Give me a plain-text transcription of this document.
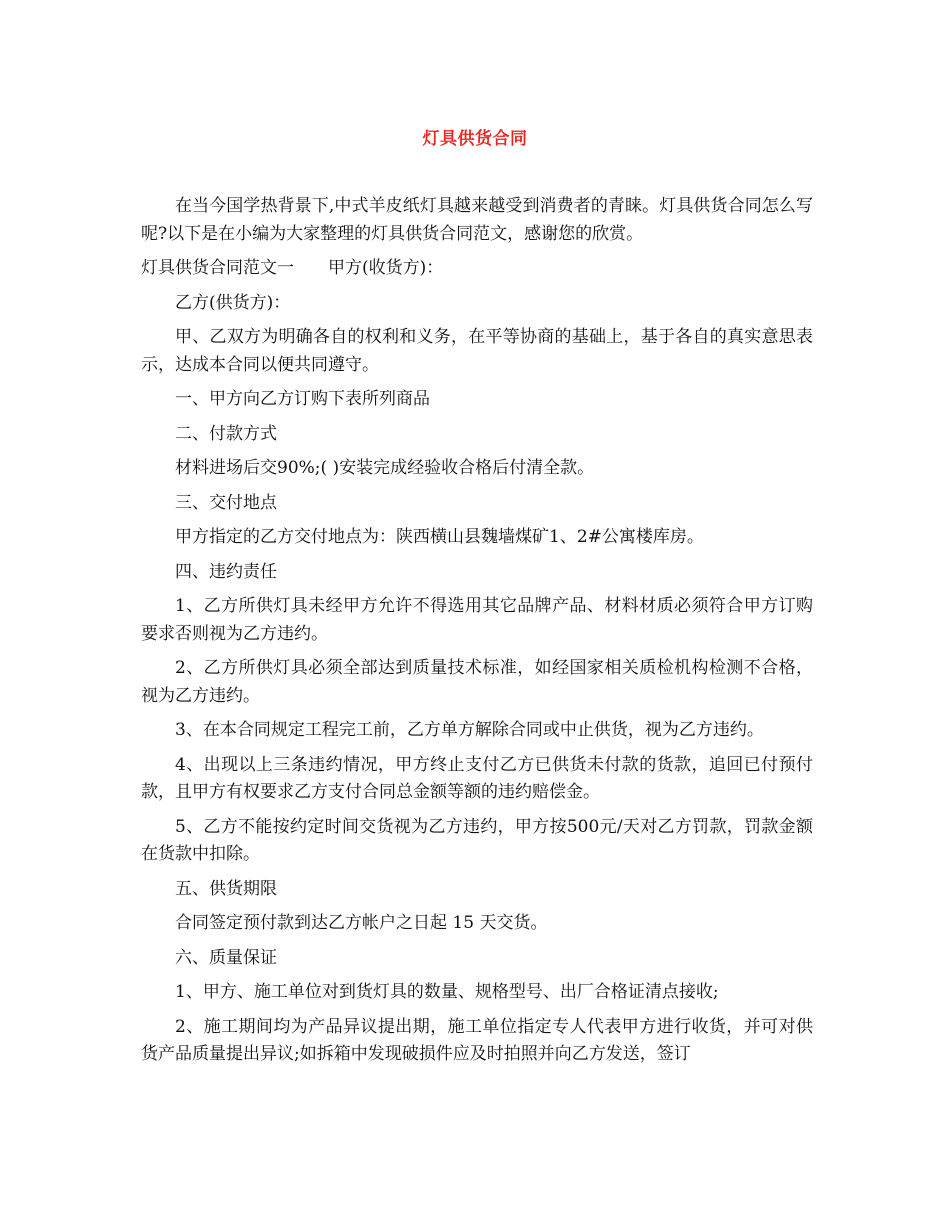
灯具供货合同

在当今国学热背景下,中式羊皮纸灯具越来越受到消费者的青睐。灯具供货合同怎么写呢?以下是在小编为大家整理的灯具供货合同范文，感谢您的欣赏。

灯具供货合同范文一 甲方(收货方)：

乙方(供货方)：

甲、乙双方为明确各自的权利和义务，在平等协商的基础上，基于各自的真实意思表示，达成本合同以便共同遵守。

一、甲方向乙方订购下表所列商品

二、付款方式

材料进场后交90%;( )安装完成经验收合格后付清全款。

三、交付地点

甲方指定的乙方交付地点为：陕西横山县魏墙煤矿1、2#公寓楼库房。

四、违约责任

1、乙方所供灯具未经甲方允许不得选用其它品牌产品、材料材质必须符合甲方订购要求否则视为乙方违约。

2、乙方所供灯具必须全部达到质量技术标准，如经国家相关质检机构检测不合格，视为乙方违约。

3、在本合同规定工程完工前，乙方单方解除合同或中止供货，视为乙方违约。

4、出现以上三条违约情况，甲方终止支付乙方已供货未付款的货款，追回已付预付款，且甲方有权要求乙方支付合同总金额等额的违约赔偿金。

5、乙方不能按约定时间交货视为乙方违约，甲方按500元/天对乙方罚款，罚款金额在货款中扣除。

五、供货期限

合同签定预付款到达乙方帐户之日起 15 天交货。

六、质量保证

1、甲方、施工单位对到货灯具的数量、规格型号、出厂合格证清点接收;

2、施工期间均为产品异议提出期，施工单位指定专人代表甲方进行收货，并可对供货产品质量提出异议;如拆箱中发现破损件应及时拍照并向乙方发送，签订
